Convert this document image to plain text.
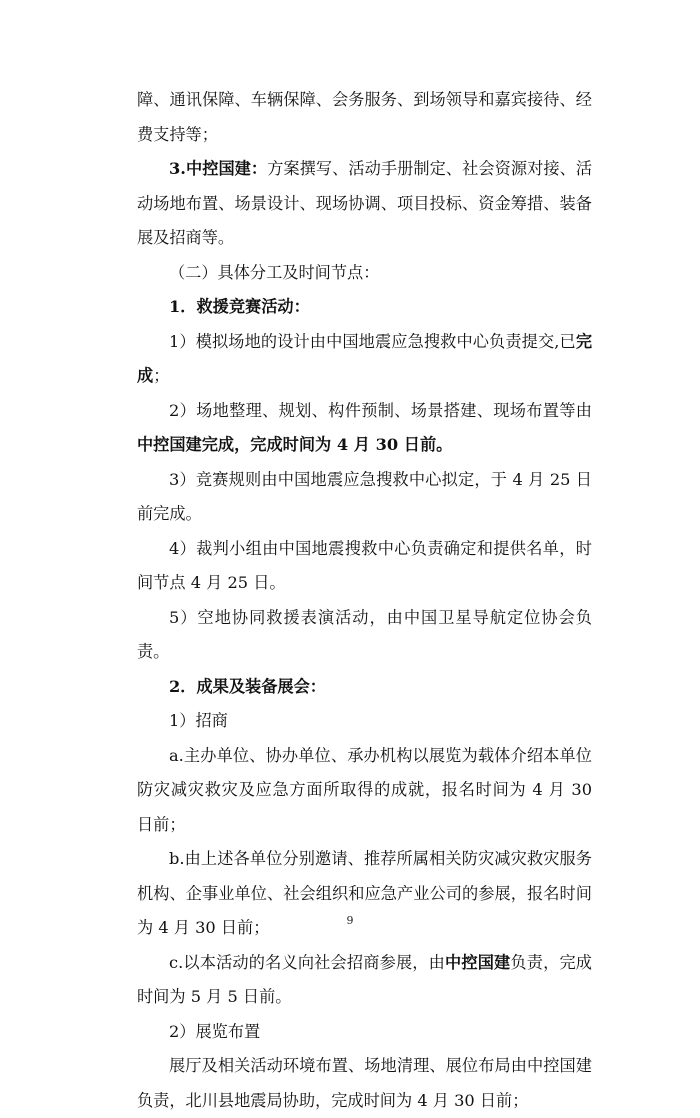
障、通讯保障、车辆保障、会务服务、到场领导和嘉宾接待、经费支持等；

3.中控国建：方案撰写、活动手册制定、社会资源对接、活动场地布置、场景设计、现场协调、项目投标、资金筹措、装备展及招商等。

（二）具体分工及时间节点：

1．救援竞赛活动：

1）模拟场地的设计由中国地震应急搜救中心负责提交,已完成；

2）场地整理、规划、构件预制、场景搭建、现场布置等由中控国建完成，完成时间为 4 月 30 日前。

3）竞赛规则由中国地震应急搜救中心拟定，于 4 月 25 日前完成。

4）裁判小组由中国地震搜救中心负责确定和提供名单，时间节点 4 月 25 日。

5）空地协同救援表演活动，由中国卫星导航定位协会负责。

2．成果及装备展会：

1）招商

a.主办单位、协办单位、承办机构以展览为载体介绍本单位防灾减灾救灾及应急方面所取得的成就，报名时间为 4 月 30 日前；

b.由上述各单位分别邀请、推荐所属相关防灾减灾救灾服务机构、企事业单位、社会组织和应急产业公司的参展，报名时间为 4 月 30 日前；

c.以本活动的名义向社会招商参展，由中控国建负责，完成时间为 5 月 5 日前。

2）展览布置

展厅及相关活动环境布置、场地清理、展位布局由中控国建负责，北川县地震局协助，完成时间为 4 月 30 日前；

9
